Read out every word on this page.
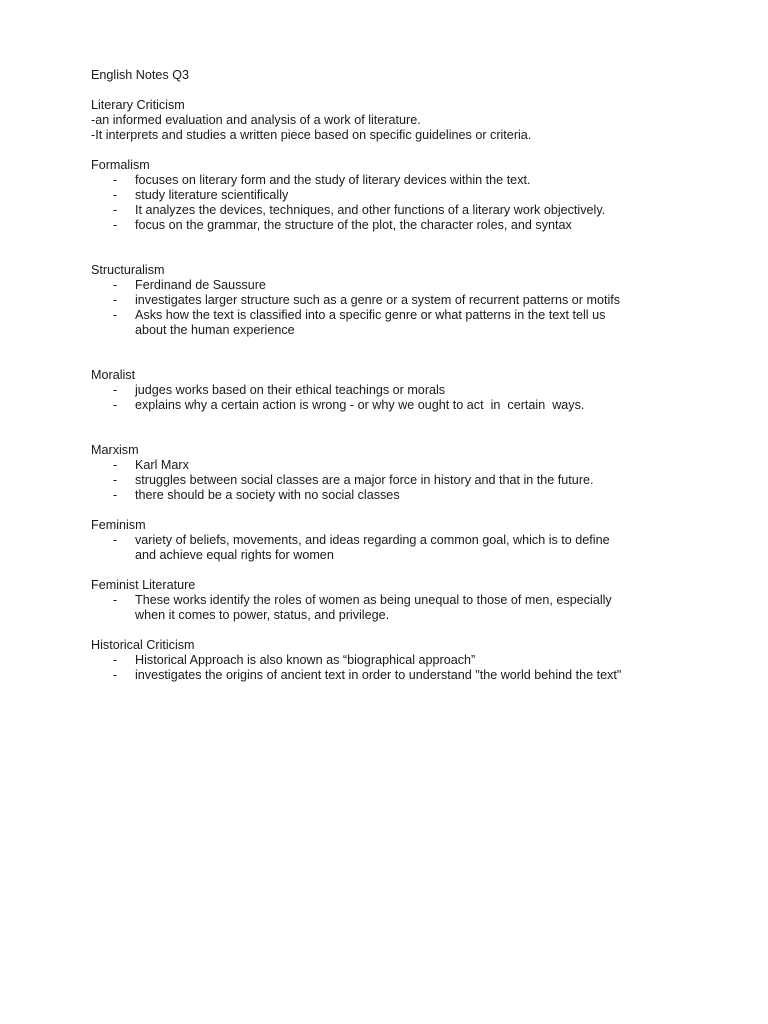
English Notes Q3
Literary Criticism
-an informed evaluation and analysis of a work of literature.
-It interprets and studies a written piece based on specific guidelines or criteria.
Formalism
- focuses on literary form and the study of literary devices within the text.
- study literature scientifically
- It analyzes the devices, techniques, and other functions of a literary work objectively.
- focus on the grammar, the structure of the plot, the character roles, and syntax
Structuralism
- Ferdinand de Saussure
- investigates larger structure such as a genre or a system of recurrent patterns or motifs
- Asks how the text is classified into a specific genre or what patterns in the text tell us
about the human experience
Moralist
- judges works based on their ethical teachings or morals
- explains why a certain action is wrong - or why we ought to act  in  certain  ways.
Marxism
- Karl Marx
- struggles between social classes are a major force in history and that in the future.
- there should be a society with no social classes
Feminism
- variety of beliefs, movements, and ideas regarding a common goal, which is to define
and achieve equal rights for women
Feminist Literature
- These works identify the roles of women as being unequal to those of men, especially
when it comes to power, status, and privilege.
Historical Criticism
- Historical Approach is also known as “biographical approach”
- investigates the origins of ancient text in order to understand "the world behind the text"
